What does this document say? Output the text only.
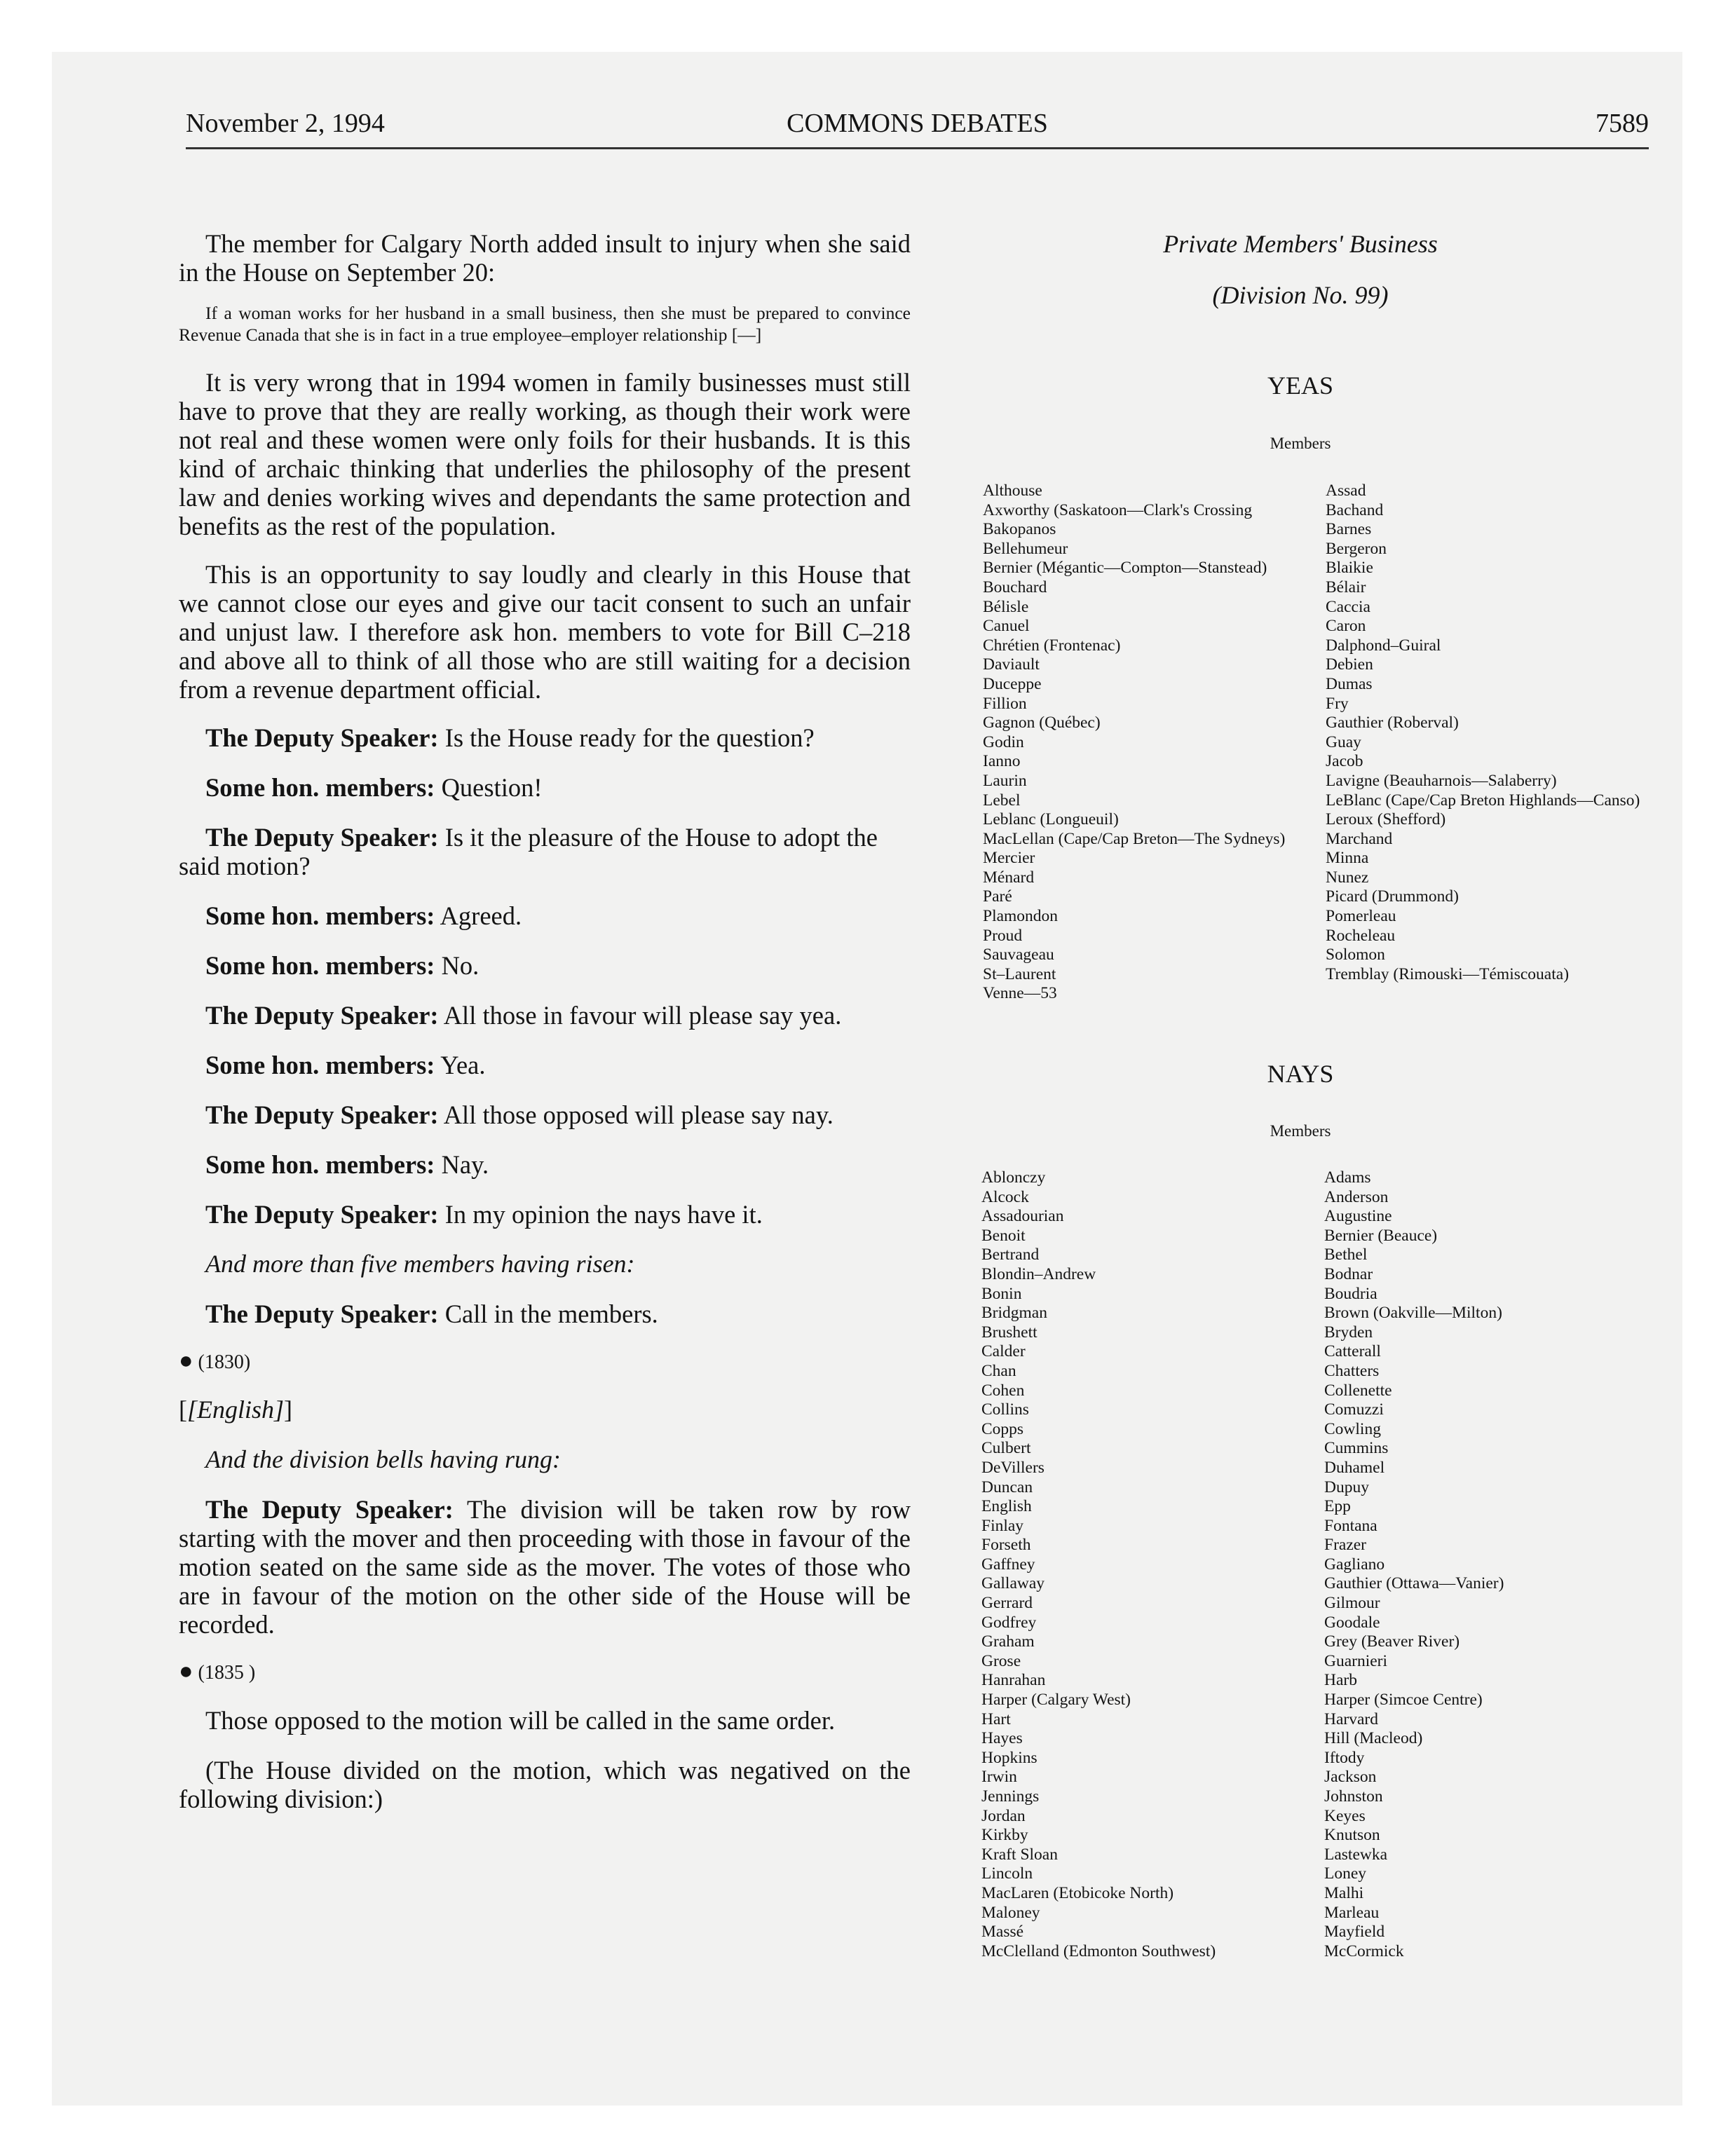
November 2, 1994	COMMONS DEBATES	7589

The member for Calgary North added insult to injury when she said in the House on September 20:

If a woman works for her husband in a small business, then she must be prepared to convince Revenue Canada that she is in fact in a true employee–employer relationship [—]

It is very wrong that in 1994 women in family businesses must still have to prove that they are really working, as though their work were not real and these women were only foils for their husbands. It is this kind of archaic thinking that underlies the philosophy of the present law and denies working wives and dependants the same protection and benefits as the rest of the population.

This is an opportunity to say loudly and clearly in this House that we cannot close our eyes and give our tacit consent to such an unfair and unjust law. I therefore ask hon. members to vote for Bill C–218 and above all to think of all those who are still waiting for a decision from a revenue department official.

The Deputy Speaker: Is the House ready for the question?

Some hon. members: Question!

The Deputy Speaker: Is it the pleasure of the House to adopt the said motion?

Some hon. members: Agreed.

Some hon. members: No.

The Deputy Speaker: All those in favour will please say yea.

Some hon. members: Yea.

The Deputy Speaker: All those opposed will please say nay.

Some hon. members: Nay.

The Deputy Speaker: In my opinion the nays have it.

And more than five members having risen:

The Deputy Speaker: Call in the members.

● (1830)

[[English]]

And the division bells having rung:

The Deputy Speaker: The division will be taken row by row starting with the mover and then proceeding with those in favour of the motion seated on the same side as the mover. The votes of those who are in favour of the motion on the other side of the House will be recorded.

● (1835 )

Those opposed to the motion will be called in the same order.

(The House divided on the motion, which was negatived on the following division:)

Private Members' Business
(Division No. 99)
YEAS
Members
Althouse
Axworthy (Saskatoon—Clark's Crossing
Bakopanos
Bellehumeur
Bernier (Mégantic—Compton—Stanstead)
Bouchard
Bélisle
Canuel
Chrétien (Frontenac)
Daviault
Duceppe
Fillion
Gagnon (Québec)
Godin
Ianno
Laurin
Lebel
Leblanc (Longueuil)
MacLellan (Cape/Cap Breton—The Sydneys)
Mercier
Ménard
Paré
Plamondon
Proud
Sauvageau
St–Laurent
Venne—53
Assad
Bachand
Barnes
Bergeron
Blaikie
Bélair
Caccia
Caron
Dalphond–Guiral
Debien
Dumas
Fry
Gauthier (Roberval)
Guay
Jacob
Lavigne (Beauharnois—Salaberry)
LeBlanc (Cape/Cap Breton Highlands—Canso)
Leroux (Shefford)
Marchand
Minna
Nunez
Picard (Drummond)
Pomerleau
Rocheleau
Solomon
Tremblay (Rimouski—Témiscouata)
NAYS
Members
Ablonczy
Alcock
Assadourian
Benoit
Bertrand
Blondin–Andrew
Bonin
Bridgman
Brushett
Calder
Chan
Cohen
Collins
Copps
Culbert
DeVillers
Duncan
English
Finlay
Forseth
Gaffney
Gallaway
Gerrard
Godfrey
Graham
Grose
Hanrahan
Harper (Calgary West)
Hart
Hayes
Hopkins
Irwin
Jennings
Jordan
Kirkby
Kraft Sloan
Lincoln
MacLaren (Etobicoke North)
Maloney
Massé
McClelland (Edmonton Southwest)
Adams
Anderson
Augustine
Bernier (Beauce)
Bethel
Bodnar
Boudria
Brown (Oakville—Milton)
Bryden
Catterall
Chatters
Collenette
Comuzzi
Cowling
Cummins
Duhamel
Dupuy
Epp
Fontana
Frazer
Gagliano
Gauthier (Ottawa—Vanier)
Gilmour
Goodale
Grey (Beaver River)
Guarnieri
Harb
Harper (Simcoe Centre)
Harvard
Hill (Macleod)
Iftody
Jackson
Johnston
Keyes
Knutson
Lastewka
Loney
Malhi
Marleau
Mayfield
McCormick
